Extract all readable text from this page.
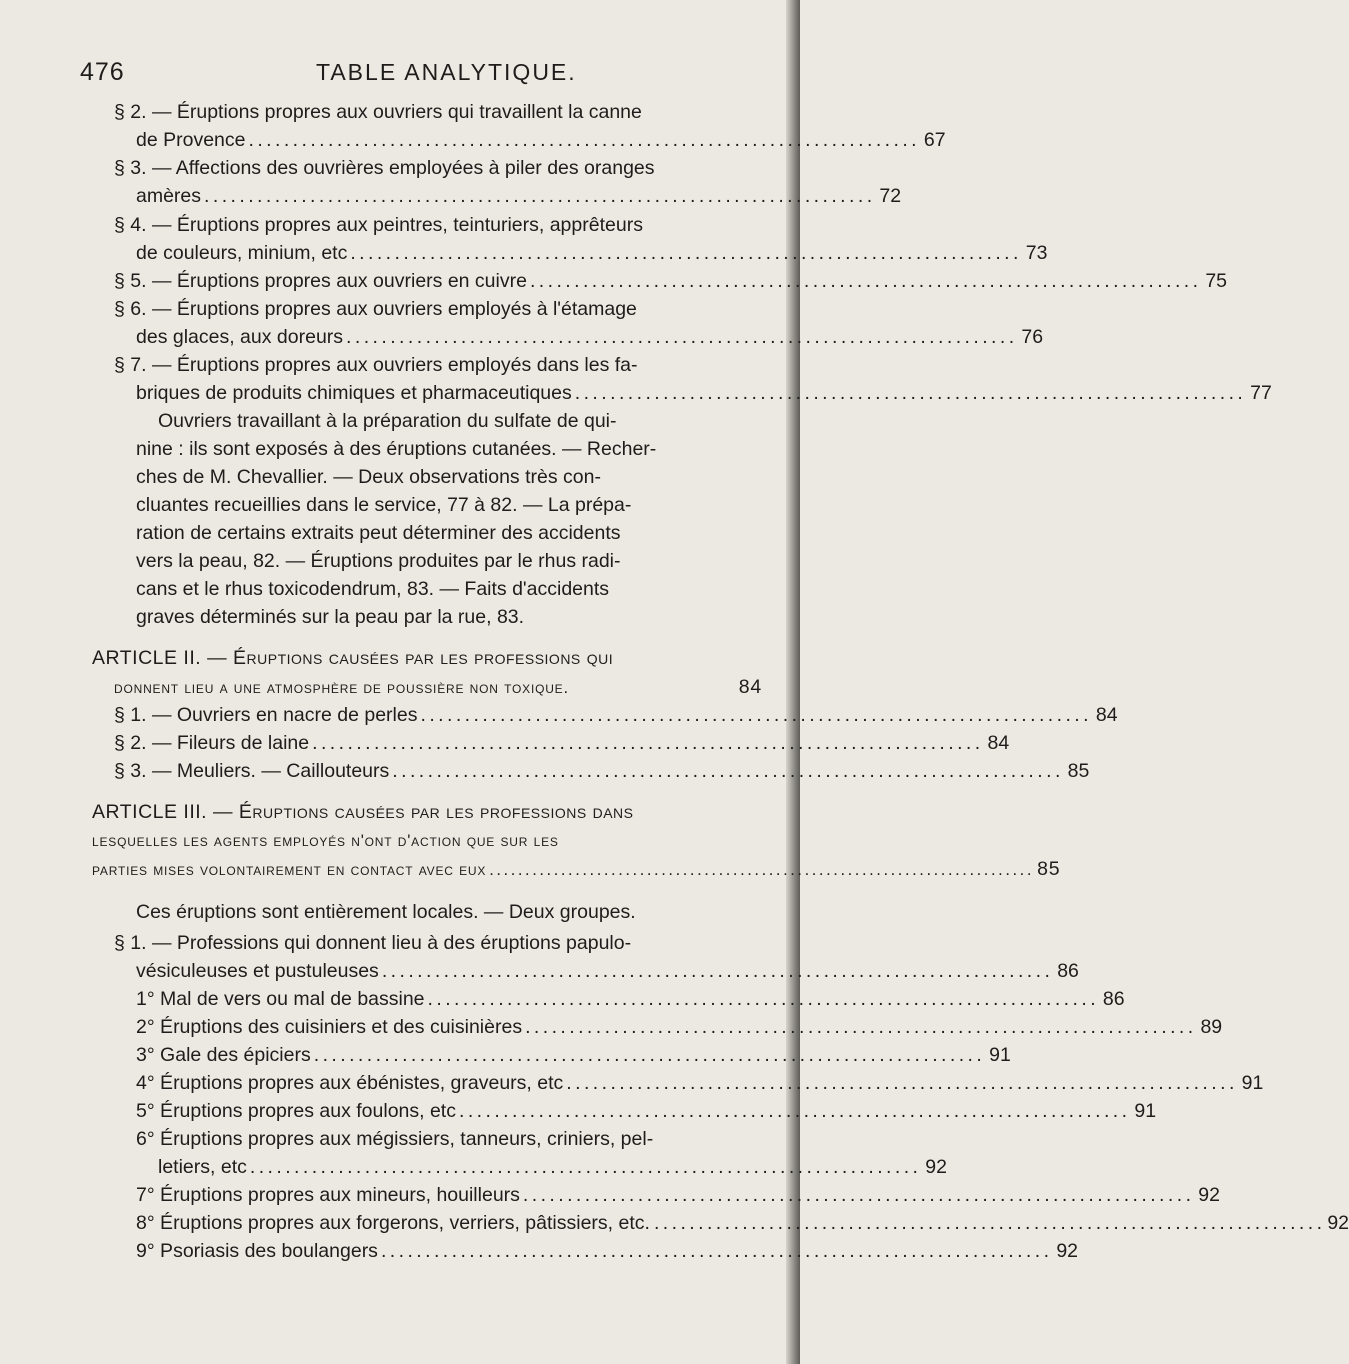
476	TABLE ANALYTIQUE.
§ 2. — Éruptions propres aux ouvriers qui travaillent la canne
de Provence . . .	67
§ 3. — Affections des ouvrières employées à piler des oranges
amères . . .	72
§ 4. — Éruptions propres aux peintres, teinturiers, apprêteurs
de couleurs, minium, etc . . .	73
§ 5. — Éruptions propres aux ouvriers en cuivre . . .	75
§ 6. — Éruptions propres aux ouvriers employés à l'étamage
des glaces, aux doreurs . . .	76
§ 7. — Éruptions propres aux ouvriers employés dans les fa-
briques de produits chimiques et pharmaceutiques . . .	77
Ouvriers travaillant à la préparation du sulfate de qui-
nine : ils sont exposés à des éruptions cutanées. — Recher-
ches de M. Chevallier. — Deux observations très con-
cluantes recueillies dans le service, 77 à 82. — La prépa-
ration de certains extraits peut déterminer des accidents
vers la peau, 82. — Éruptions produites par le rhus radi-
cans et le rhus toxicodendrum, 83. — Faits d'accidents
graves déterminés sur la peau par la rue, 83.
ARTICLE II. — Éruptions causées par les professions qui
donnent lieu a une atmosphère de poussière non toxique.	84
§ 1. — Ouvriers en nacre de perles . . .	84
§ 2. — Fileurs de laine . . .	84
§ 3. — Meuliers. — Caillouteurs . . .	85
ARTICLE III. — Éruptions causées par les professions dans
lesquelles les agents employés n'ont d'action que sur les
parties mises volontairement en contact avec eux . . .	85
Ces éruptions sont entièrement locales. — Deux groupes.
§ 1. — Professions qui donnent lieu à des éruptions papulo-
vésiculeuses et pustuleuses . . .	86
1° Mal de vers ou mal de bassine . . .	86
2° Éruptions des cuisiniers et des cuisinières . . .	89
3° Gale des épiciers . . .	91
4° Éruptions propres aux ébénistes, graveurs, etc . . .	91
5° Éruptions propres aux foulons, etc . . .	91
6° Éruptions propres aux mégissiers, tanneurs, criniers, pel-
letiers, etc . . .	92
7° Éruptions propres aux mineurs, houilleurs . . .	92
8° Éruptions propres aux forgerons, verriers, pâtissiers, etc. . . .	92
9° Psoriasis des boulangers . . .	92
